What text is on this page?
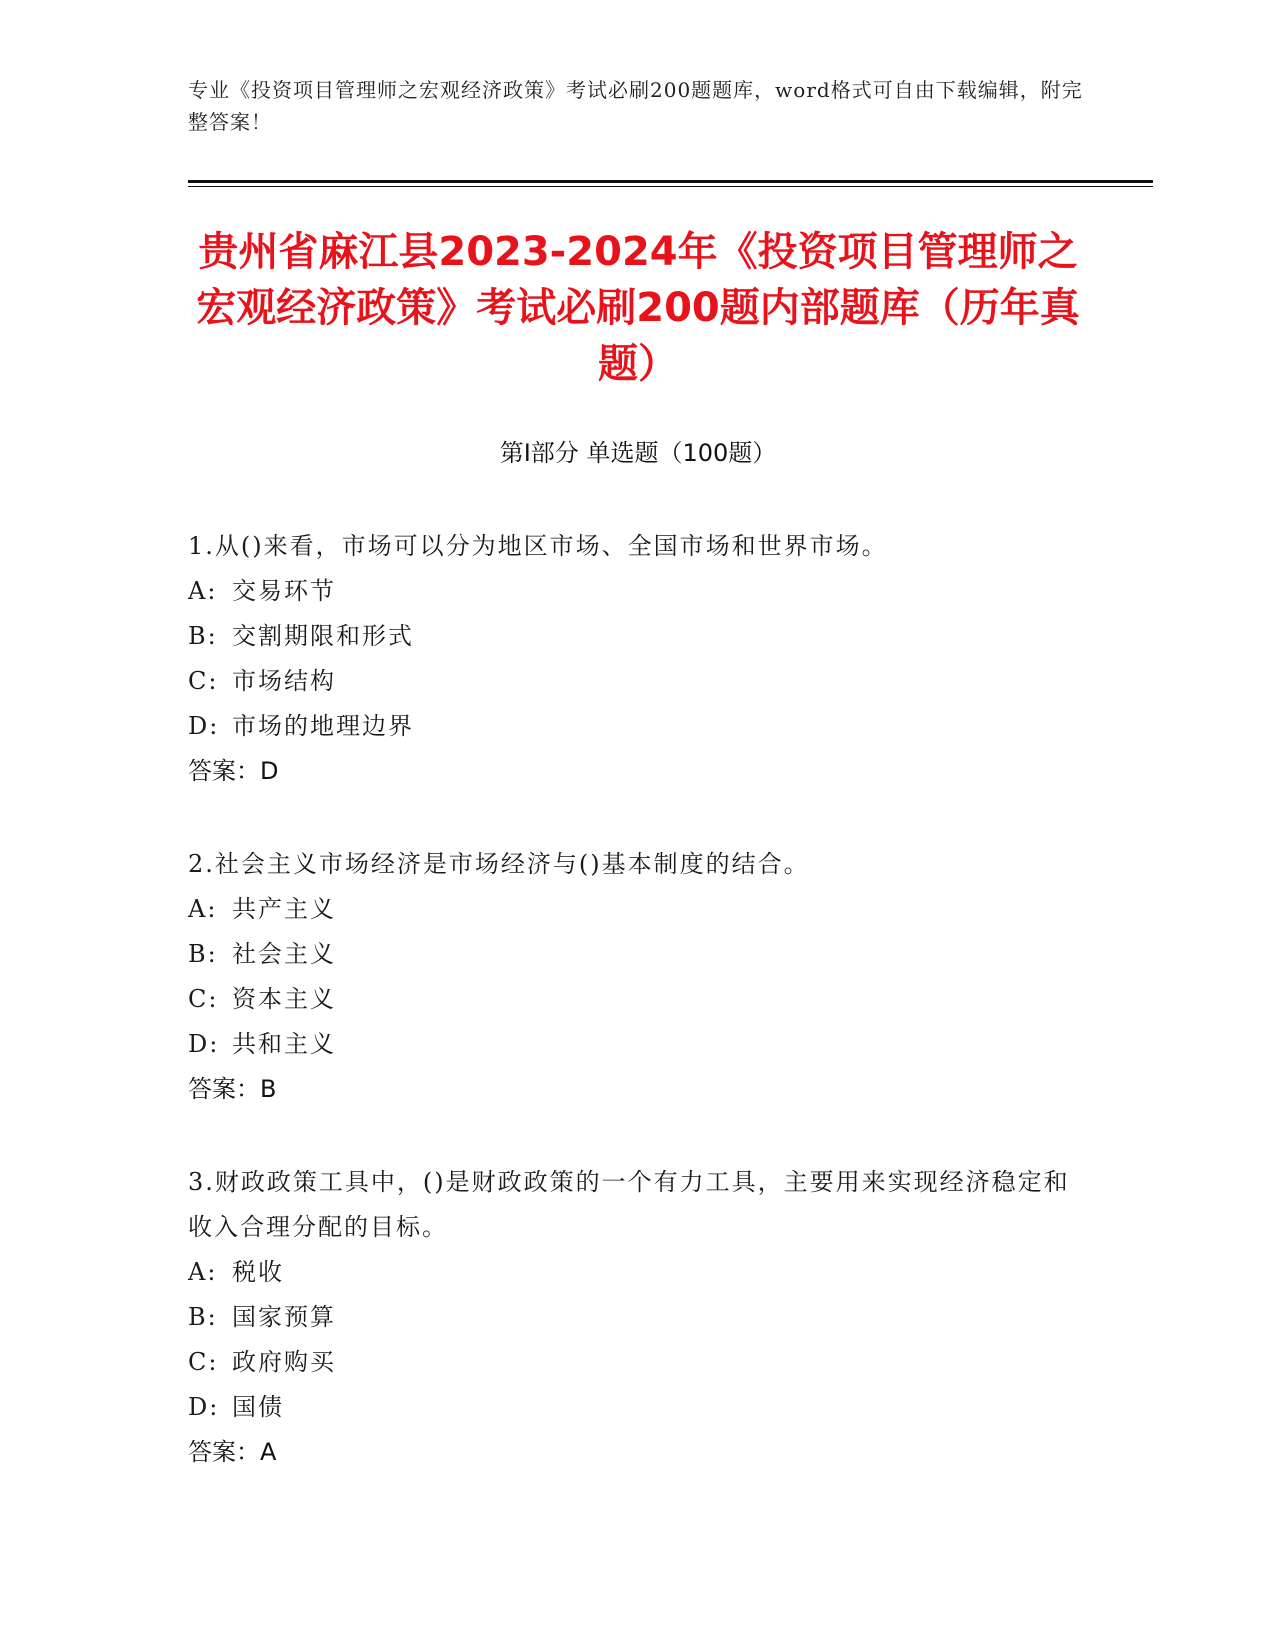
专业《投资项目管理师之宏观经济政策》考试必刷200题题库，word格式可自由下载编辑，附完整答案！
贵州省麻江县2023-2024年《投资项目管理师之宏观经济政策》考试必刷200题内部题库（历年真题）
第Ⅰ部分 单选题（100题）
1.从()来看，市场可以分为地区市场、全国市场和世界市场。
A: 交易环节
B: 交割期限和形式
C: 市场结构
D: 市场的地理边界
答案：D
2.社会主义市场经济是市场经济与()基本制度的结合。
A: 共产主义
B: 社会主义
C: 资本主义
D: 共和主义
答案：B
3.财政政策工具中，()是财政政策的一个有力工具，主要用来实现经济稳定和收入合理分配的目标。
A: 税收
B: 国家预算
C: 政府购买
D: 国债
答案：A
